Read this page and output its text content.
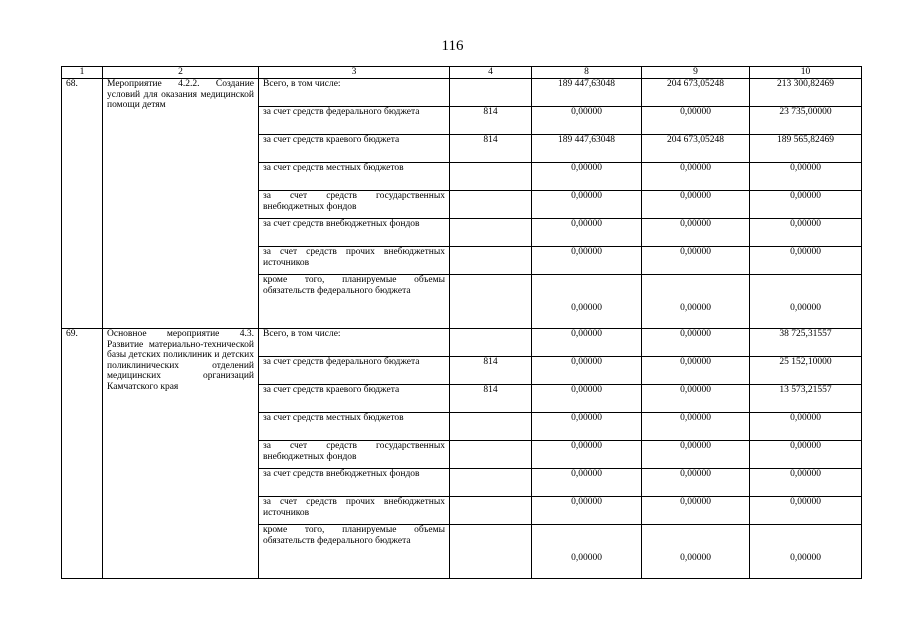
116
1	2	3	4	8	9	10
68.	Мероприятие 4.2.2. Создание условий для оказания медицинской помощи детям	Всего, в том числе:		189 447,63048	204 673,05248	213 300,82469
		за счет средств федерального бюджета	814	0,00000	0,00000	23 735,00000
		за счет средств краевого бюджета	814	189 447,63048	204 673,05248	189 565,82469
		за счет средств местных бюджетов		0,00000	0,00000	0,00000
		за счет средств государственных внебюджетных фондов		0,00000	0,00000	0,00000
		за счет средств внебюджетных фондов		0,00000	0,00000	0,00000
		за счет средств прочих внебюджетных источников		0,00000	0,00000	0,00000
		кроме того, планируемые объемы обязательств федерального бюджета		0,00000	0,00000	0,00000
69.	Основное мероприятие 4.3. Развитие материально-технической базы детских поликлиник и детских поликлинических отделений медицинских организаций Камчатского края	Всего, в том числе:		0,00000	0,00000	38 725,31557
		за счет средств федерального бюджета	814	0,00000	0,00000	25 152,10000
		за счет средств краевого бюджета	814	0,00000	0,00000	13 573,21557
		за счет средств местных бюджетов		0,00000	0,00000	0,00000
		за счет средств государственных внебюджетных фондов		0,00000	0,00000	0,00000
		за счет средств внебюджетных фондов		0,00000	0,00000	0,00000
		за счет средств прочих внебюджетных источников		0,00000	0,00000	0,00000
		кроме того, планируемые объемы обязательств федерального бюджета		0,00000	0,00000	0,00000
